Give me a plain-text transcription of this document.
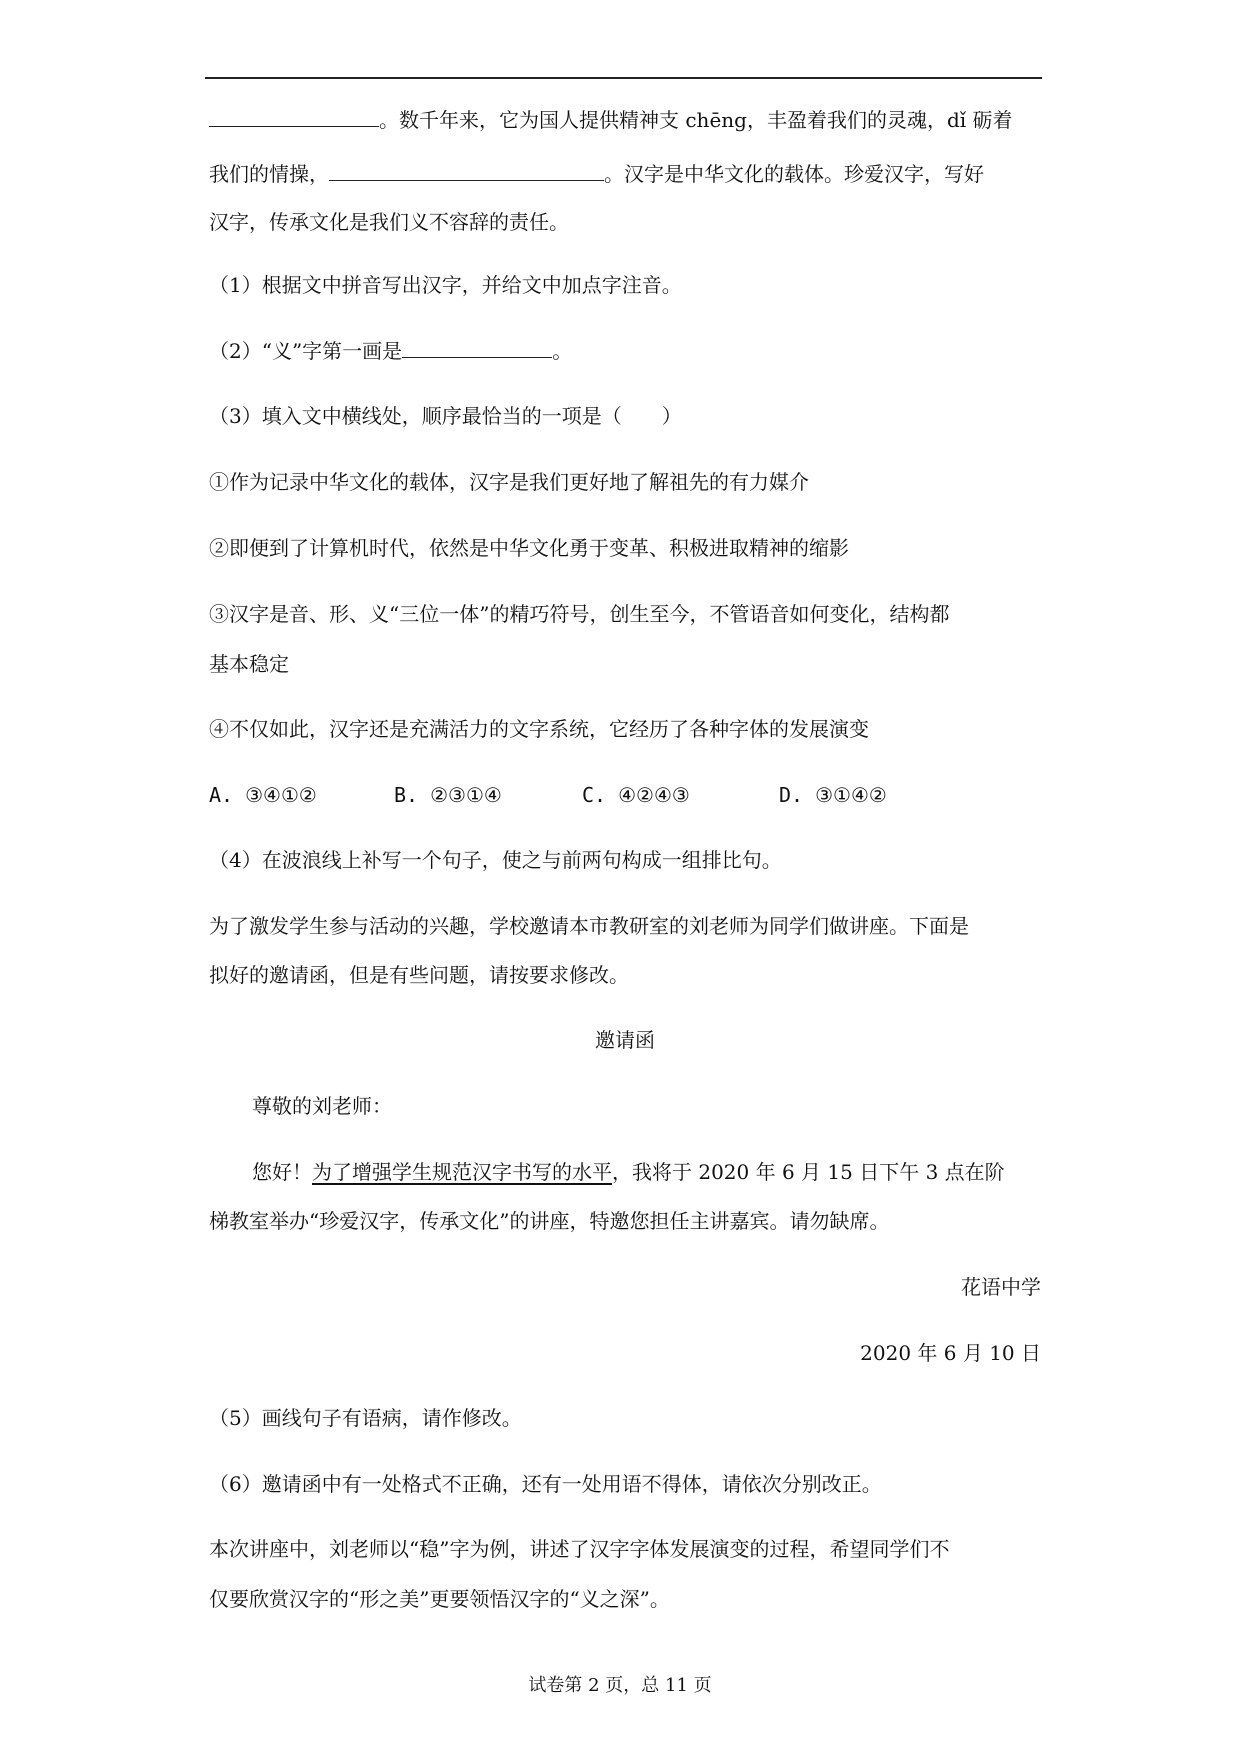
。数千年来，它为国人提供精神支 chēng，丰盈着我们的灵魂，dǐ 砺着
我们的情操，	。汉字是中华文化的载体。珍爱汉字，写好
汉字，传承文化是我们义不容辞的责任。
（1）根据文中拼音写出汉字，并给文中加点字注音。
（2）“义”字第一画是	。
（3）填入文中横线处，顺序最恰当的一项是（　　）
①作为记录中华文化的载体，汉字是我们更好地了解祖先的有力媒介
②即便到了计算机时代，依然是中华文化勇于变革、积极进取精神的缩影
③汉字是音、形、义“三位一体”的精巧符号，创生至今，不管语音如何变化，结构都
基本稳定
④不仅如此，汉字还是充满活力的文字系统，它经历了各种字体的发展演变
A. ③④①②	B. ②③①④	C. ④②④③	D. ③①④②
（4）在波浪线上补写一个句子，使之与前两句构成一组排比句。
为了激发学生参与活动的兴趣，学校邀请本市教研室的刘老师为同学们做讲座。下面是
拟好的邀请函，但是有些问题，请按要求修改。
邀请函
尊敬的刘老师：
您好！为了增强学生规范汉字书写的水平，我将于 2020 年 6 月 15 日下午 3 点在阶
梯教室举办“珍爱汉字，传承文化”的讲座，特邀您担任主讲嘉宾。请勿缺席。
花语中学
2020 年 6 月 10 日
（5）画线句子有语病，请作修改。
（6）邀请函中有一处格式不正确，还有一处用语不得体，请依次分别改正。
本次讲座中，刘老师以“稳”字为例，讲述了汉字字体发展演变的过程，希望同学们不
仅要欣赏汉字的“形之美”更要领悟汉字的“义之深”。
试卷第 2 页，总 11 页
